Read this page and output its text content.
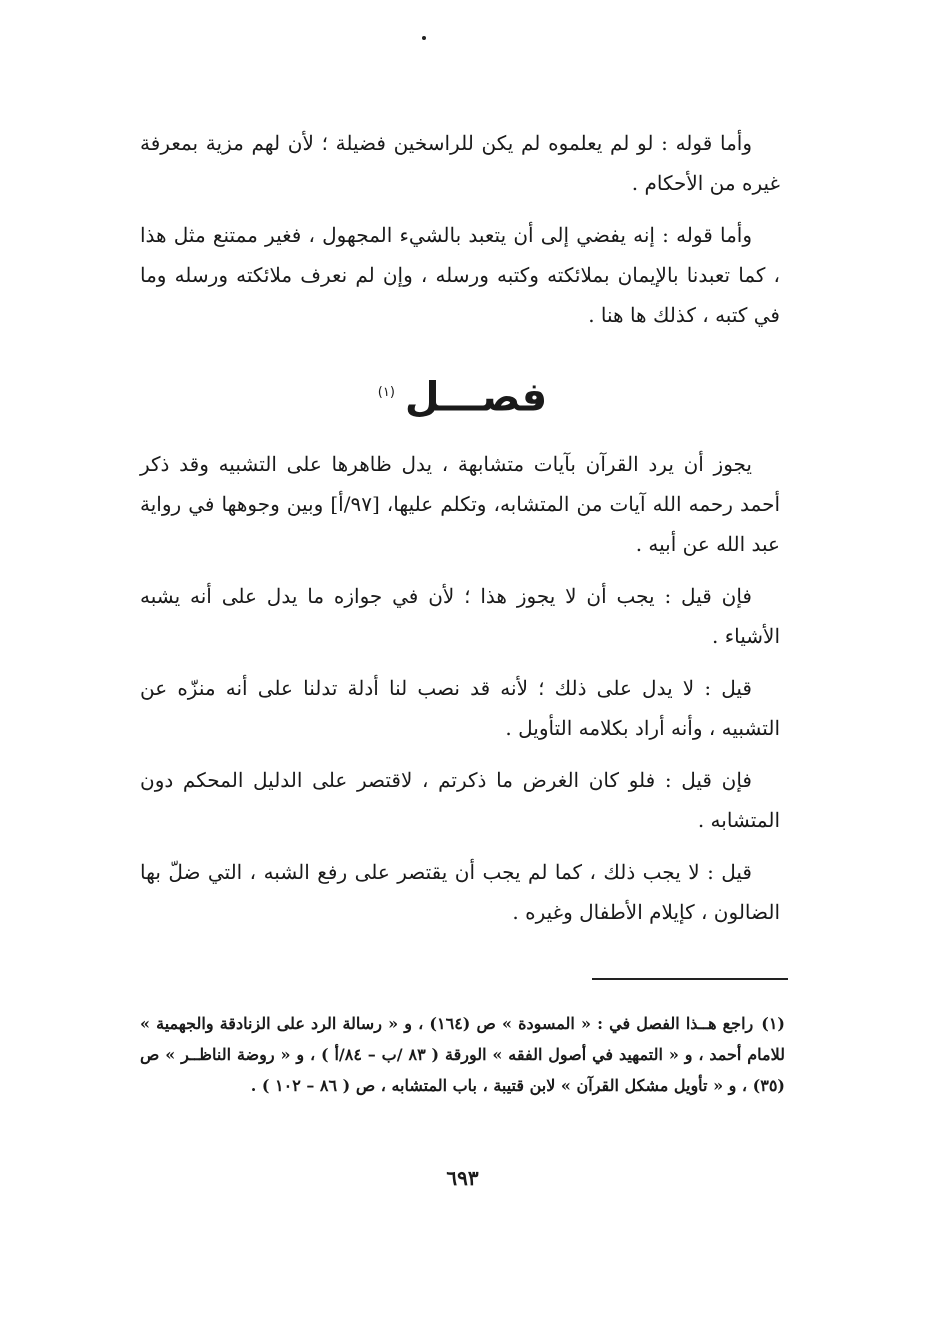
وأما قوله : لو لم يعلموه لم يكن للراسخين فضيلة ؛ لأن لهم مزية بمعرفة غيره من الأحكام .

وأما قوله : إنه يفضي إلى أن يتعبد بالشيء المجهول ، فغير ممتنع مثل هذا ، كما تعبدنا بالإيمان بملائكته وكتبه ورسله ، وإن لم نعرف ملائكته ورسله وما في كتبه ، كذلك ها هنا .

فصـــل$^{(١)}$

يجوز أن يرد القرآن بآيات متشابهة ، يدل ظاهرها على التشبيه وقد ذكر أحمد رحمه الله آيات من المتشابه، وتكلم عليها، [٩٧/أ] وبين وجوهها في رواية عبد الله عن أبيه .

فإن قيل : يجب أن لا يجوز هذا ؛ لأن في جوازه ما يدل على أنه يشبه الأشياء .

قيل : لا يدل على ذلك ؛ لأنه قد نصب لنا أدلة تدلنا على أنه منزّه عن التشبيه ، وأنه أراد بكلامه التأويل .

فإن قيل : فلو كان الغرض ما ذكرتم ، لاقتصر على الدليل المحكم دون المتشابه .

قيل : لا يجب ذلك ، كما لم يجب أن يقتصر على رفع الشبه ، التي ضلّ بها الضالون ، كإيلام الأطفال وغيره .

(١)راجع هــذا الفصل في : « المسودة » ص (١٦٤) ، و « رسالة الرد على الزنادقة والجهمية » للامام أحمد ، و « التمهيد في أصول الفقه » الورقة ( ٨٣ /ب – ٨٤/أ ) ، و « روضة الناظــر » ص (٣٥) ، و « تأويل مشكل القرآن » لابن قتيبة ، باب المتشابه ، ص ( ٨٦ – ١٠٢ ) .
٦٩٣
